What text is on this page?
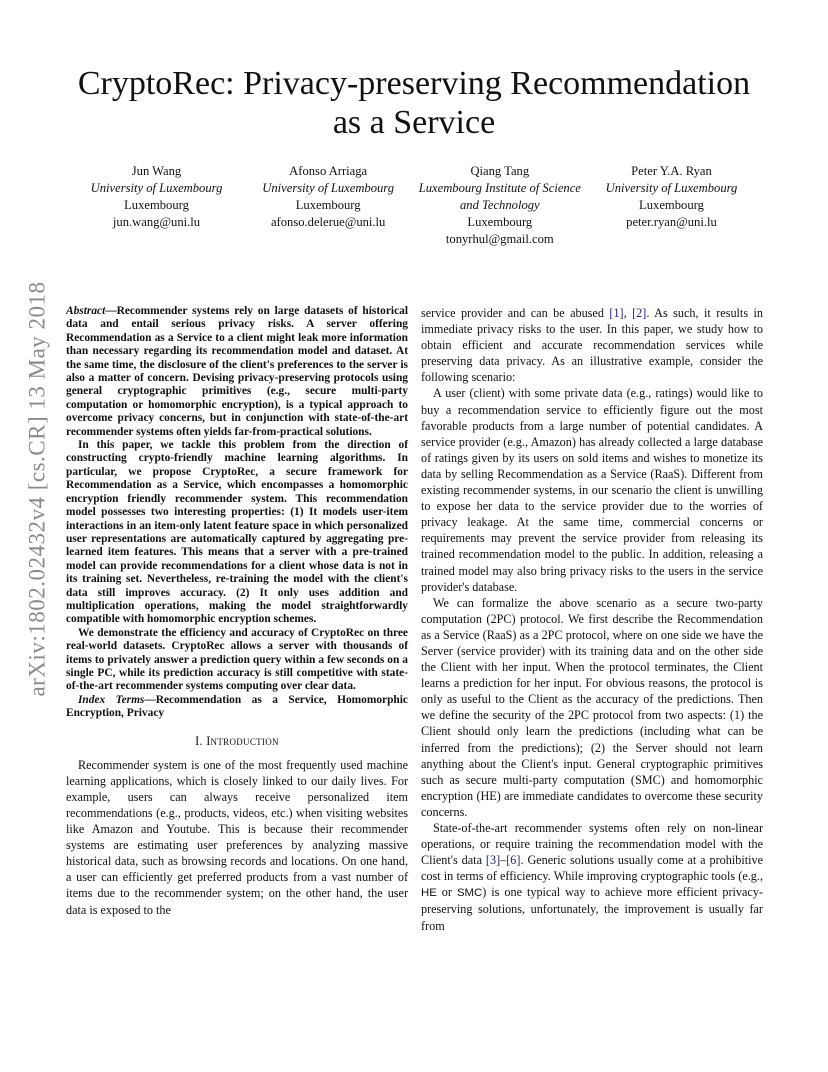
arXiv:1802.02432v4 [cs.CR] 13 May 2018
CryptoRec: Privacy-preserving Recommendation as a Service
Jun Wang
University of Luxembourg
Luxembourg
jun.wang@uni.lu
Afonso Arriaga
University of Luxembourg
Luxembourg
afonso.delerue@uni.lu
Qiang Tang
Luxembourg Institute of Science and Technology
Luxembourg
tonyrhul@gmail.com
Peter Y.A. Ryan
University of Luxembourg
Luxembourg
peter.ryan@uni.lu

Abstract—Recommender systems rely on large datasets of historical data and entail serious privacy risks. A server offering Recommendation as a Service to a client might leak more information than necessary regarding its recommendation model and dataset. At the same time, the disclosure of the client's preferences to the server is also a matter of concern. Devising privacy-preserving protocols using general cryptographic primitives (e.g., secure multi-party computation or homomorphic encryption), is a typical approach to overcome privacy concerns, but in conjunction with state-of-the-art recommender systems often yields far-from-practical solutions.

In this paper, we tackle this problem from the direction of constructing crypto-friendly machine learning algorithms. In particular, we propose CryptoRec, a secure framework for Recommendation as a Service, which encompasses a homomorphic encryption friendly recommender system. This recommendation model possesses two interesting properties: (1) It models user-item interactions in an item-only latent feature space in which personalized user representations are automatically captured by aggregating pre-learned item features. This means that a server with a pre-trained model can provide recommendations for a client whose data is not in its training set. Nevertheless, re-training the model with the client's data still improves accuracy. (2) It only uses addition and multiplication operations, making the model straightforwardly compatible with homomorphic encryption schemes.

We demonstrate the efficiency and accuracy of CryptoRec on three real-world datasets. CryptoRec allows a server with thousands of items to privately answer a prediction query within a few seconds on a single PC, while its prediction accuracy is still competitive with state-of-the-art recommender systems computing over clear data.

Index Terms—Recommendation as a Service, Homomorphic Encryption, Privacy

I. Introduction

Recommender system is one of the most frequently used machine learning applications, which is closely linked to our daily lives. For example, users can always receive personalized item recommendations (e.g., products, videos, etc.) when visiting websites like Amazon and Youtube. This is because their recommender systems are estimating user preferences by analyzing massive historical data, such as browsing records and locations. On one hand, a user can efficiently get preferred products from a vast number of items due to the recommender system; on the other hand, the user data is exposed to the

service provider and can be abused [1], [2]. As such, it results in immediate privacy risks to the user. In this paper, we study how to obtain efficient and accurate recommendation services while preserving data privacy. As an illustrative example, consider the following scenario:

A user (client) with some private data (e.g., ratings) would like to buy a recommendation service to efficiently figure out the most favorable products from a large number of potential candidates. A service provider (e.g., Amazon) has already collected a large database of ratings given by its users on sold items and wishes to monetize its data by selling Recommendation as a Service (RaaS). Different from existing recommender systems, in our scenario the client is unwilling to expose her data to the service provider due to the worries of privacy leakage. At the same time, commercial concerns or requirements may prevent the service provider from releasing its trained recommendation model to the public. In addition, releasing a trained model may also bring privacy risks to the users in the service provider's database.

We can formalize the above scenario as a secure two-party computation (2PC) protocol. We first describe the Recommendation as a Service (RaaS) as a 2PC protocol, where on one side we have the Server (service provider) with its training data and on the other side the Client with her input. When the protocol terminates, the Client learns a prediction for her input. For obvious reasons, the protocol is only as useful to the Client as the accuracy of the predictions. Then we define the security of the 2PC protocol from two aspects: (1) the Client should only learn the predictions (including what can be inferred from the predictions); (2) the Server should not learn anything about the Client's input. General cryptographic primitives such as secure multi-party computation (SMC) and homomorphic encryption (HE) are immediate candidates to overcome these security concerns.

State-of-the-art recommender systems often rely on non-linear operations, or require training the recommendation model with the Client's data [3]–[6]. Generic solutions usually come at a prohibitive cost in terms of efficiency. While improving cryptographic tools (e.g., HE or SMC) is one typical way to achieve more efficient privacy-preserving solutions, unfortunately, the improvement is usually far from
